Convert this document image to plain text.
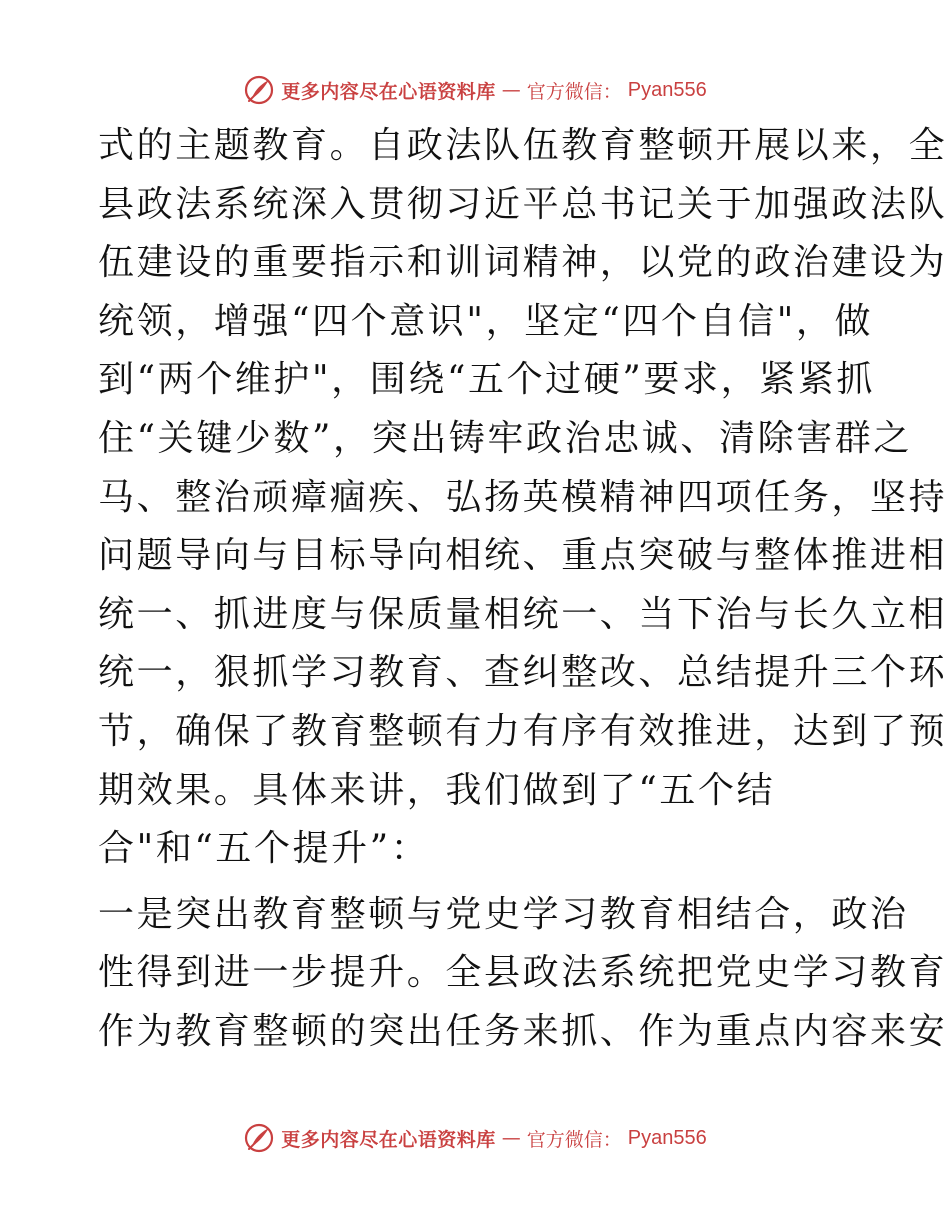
更多内容尽在心语资料库 — 官方微信： Pyan556
式的主题教育。自政法队伍教育整顿开展以来，全
县政法系统深入贯彻习近平总书记关于加强政法队
伍建设的重要指示和训词精神，以党的政治建设为
统领，增强“四个意识"，坚定“四个自信"，做
到“两个维护"，围绕“五个过硬”要求，紧紧抓
住“关键少数”，突出铸牢政治忠诚、清除害群之
马、整治顽瘴痼疾、弘扬英模精神四项任务，坚持
问题导向与目标导向相统、重点突破与整体推进相
统一、抓进度与保质量相统一、当下治与长久立相
统一，狠抓学习教育、查纠整改、总结提升三个环
节，确保了教育整顿有力有序有效推进，达到了预
期效果。具体来讲，我们做到了“五个结
合"和“五个提升”：
一是突出教育整顿与党史学习教育相结合，政治
性得到进一步提升。全县政法系统把党史学习教育
作为教育整顿的突出任务来抓、作为重点内容来安
更多内容尽在心语资料库 — 官方微信： Pyan556
